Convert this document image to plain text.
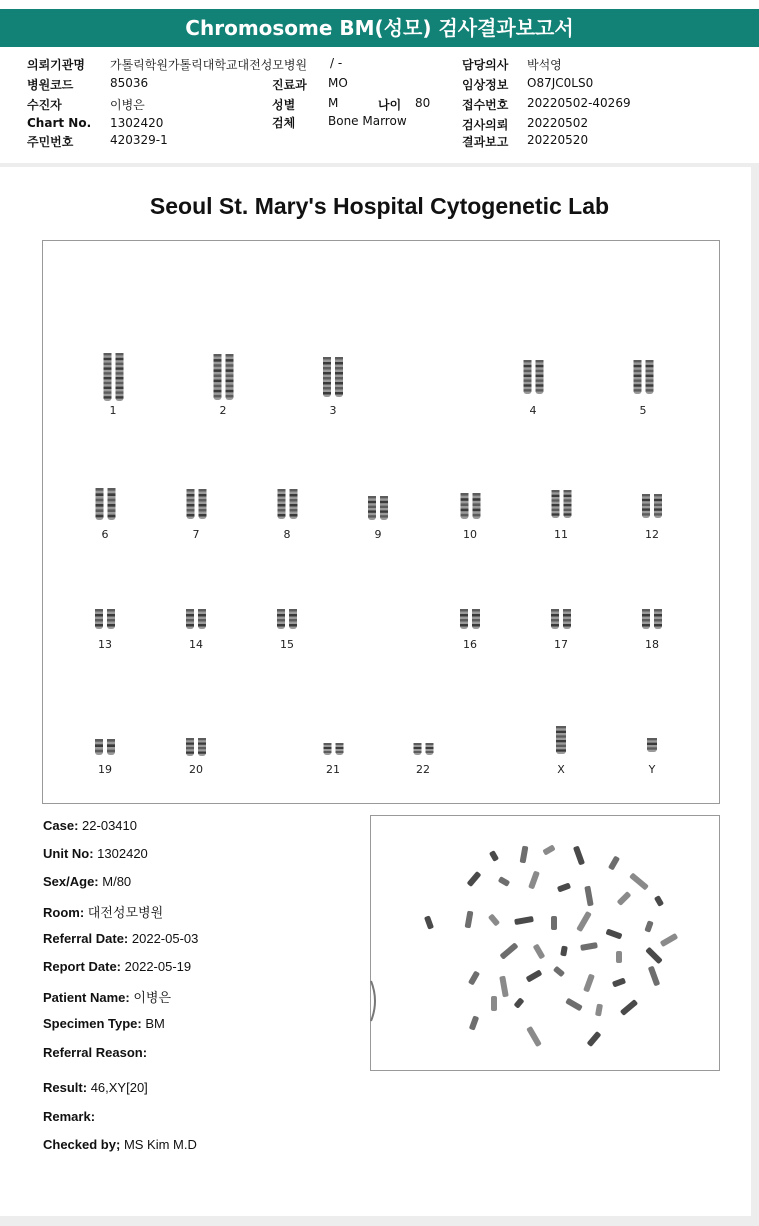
Chromosome BM(성모) 검사결과보고서
의뢰기관명 가톨릭학원가톨릭대학교대전성모병원 / -
병원코드	85036
수진자	이병은
Chart No. 1302420
주민번호	420329-1
진료과 MO
성별	M	나이 80
검체	Bone Marrow
담당의사 박석영
임상정보 O87JC0LS0
접수번호 20220502-40269
검사의뢰 20220502
결과보고 20220520
Seoul St. Mary's Hospital Cytogenetic Lab
1	2	3	4	5
6	7	8	9	10	11	12
13	14	15	16	17	18
19	20	21	22	X	Y
Case: 22-03410
Unit No: 1302420
Sex/Age: M/80
Room: 대전성모병원
Referral Date: 2022-05-03
Report Date: 2022-05-19
Patient Name: 이병은
Specimen Type: BM
Referral Reason:
Result: 46,XY[20]
Remark:
Checked by; MS Kim M.D
